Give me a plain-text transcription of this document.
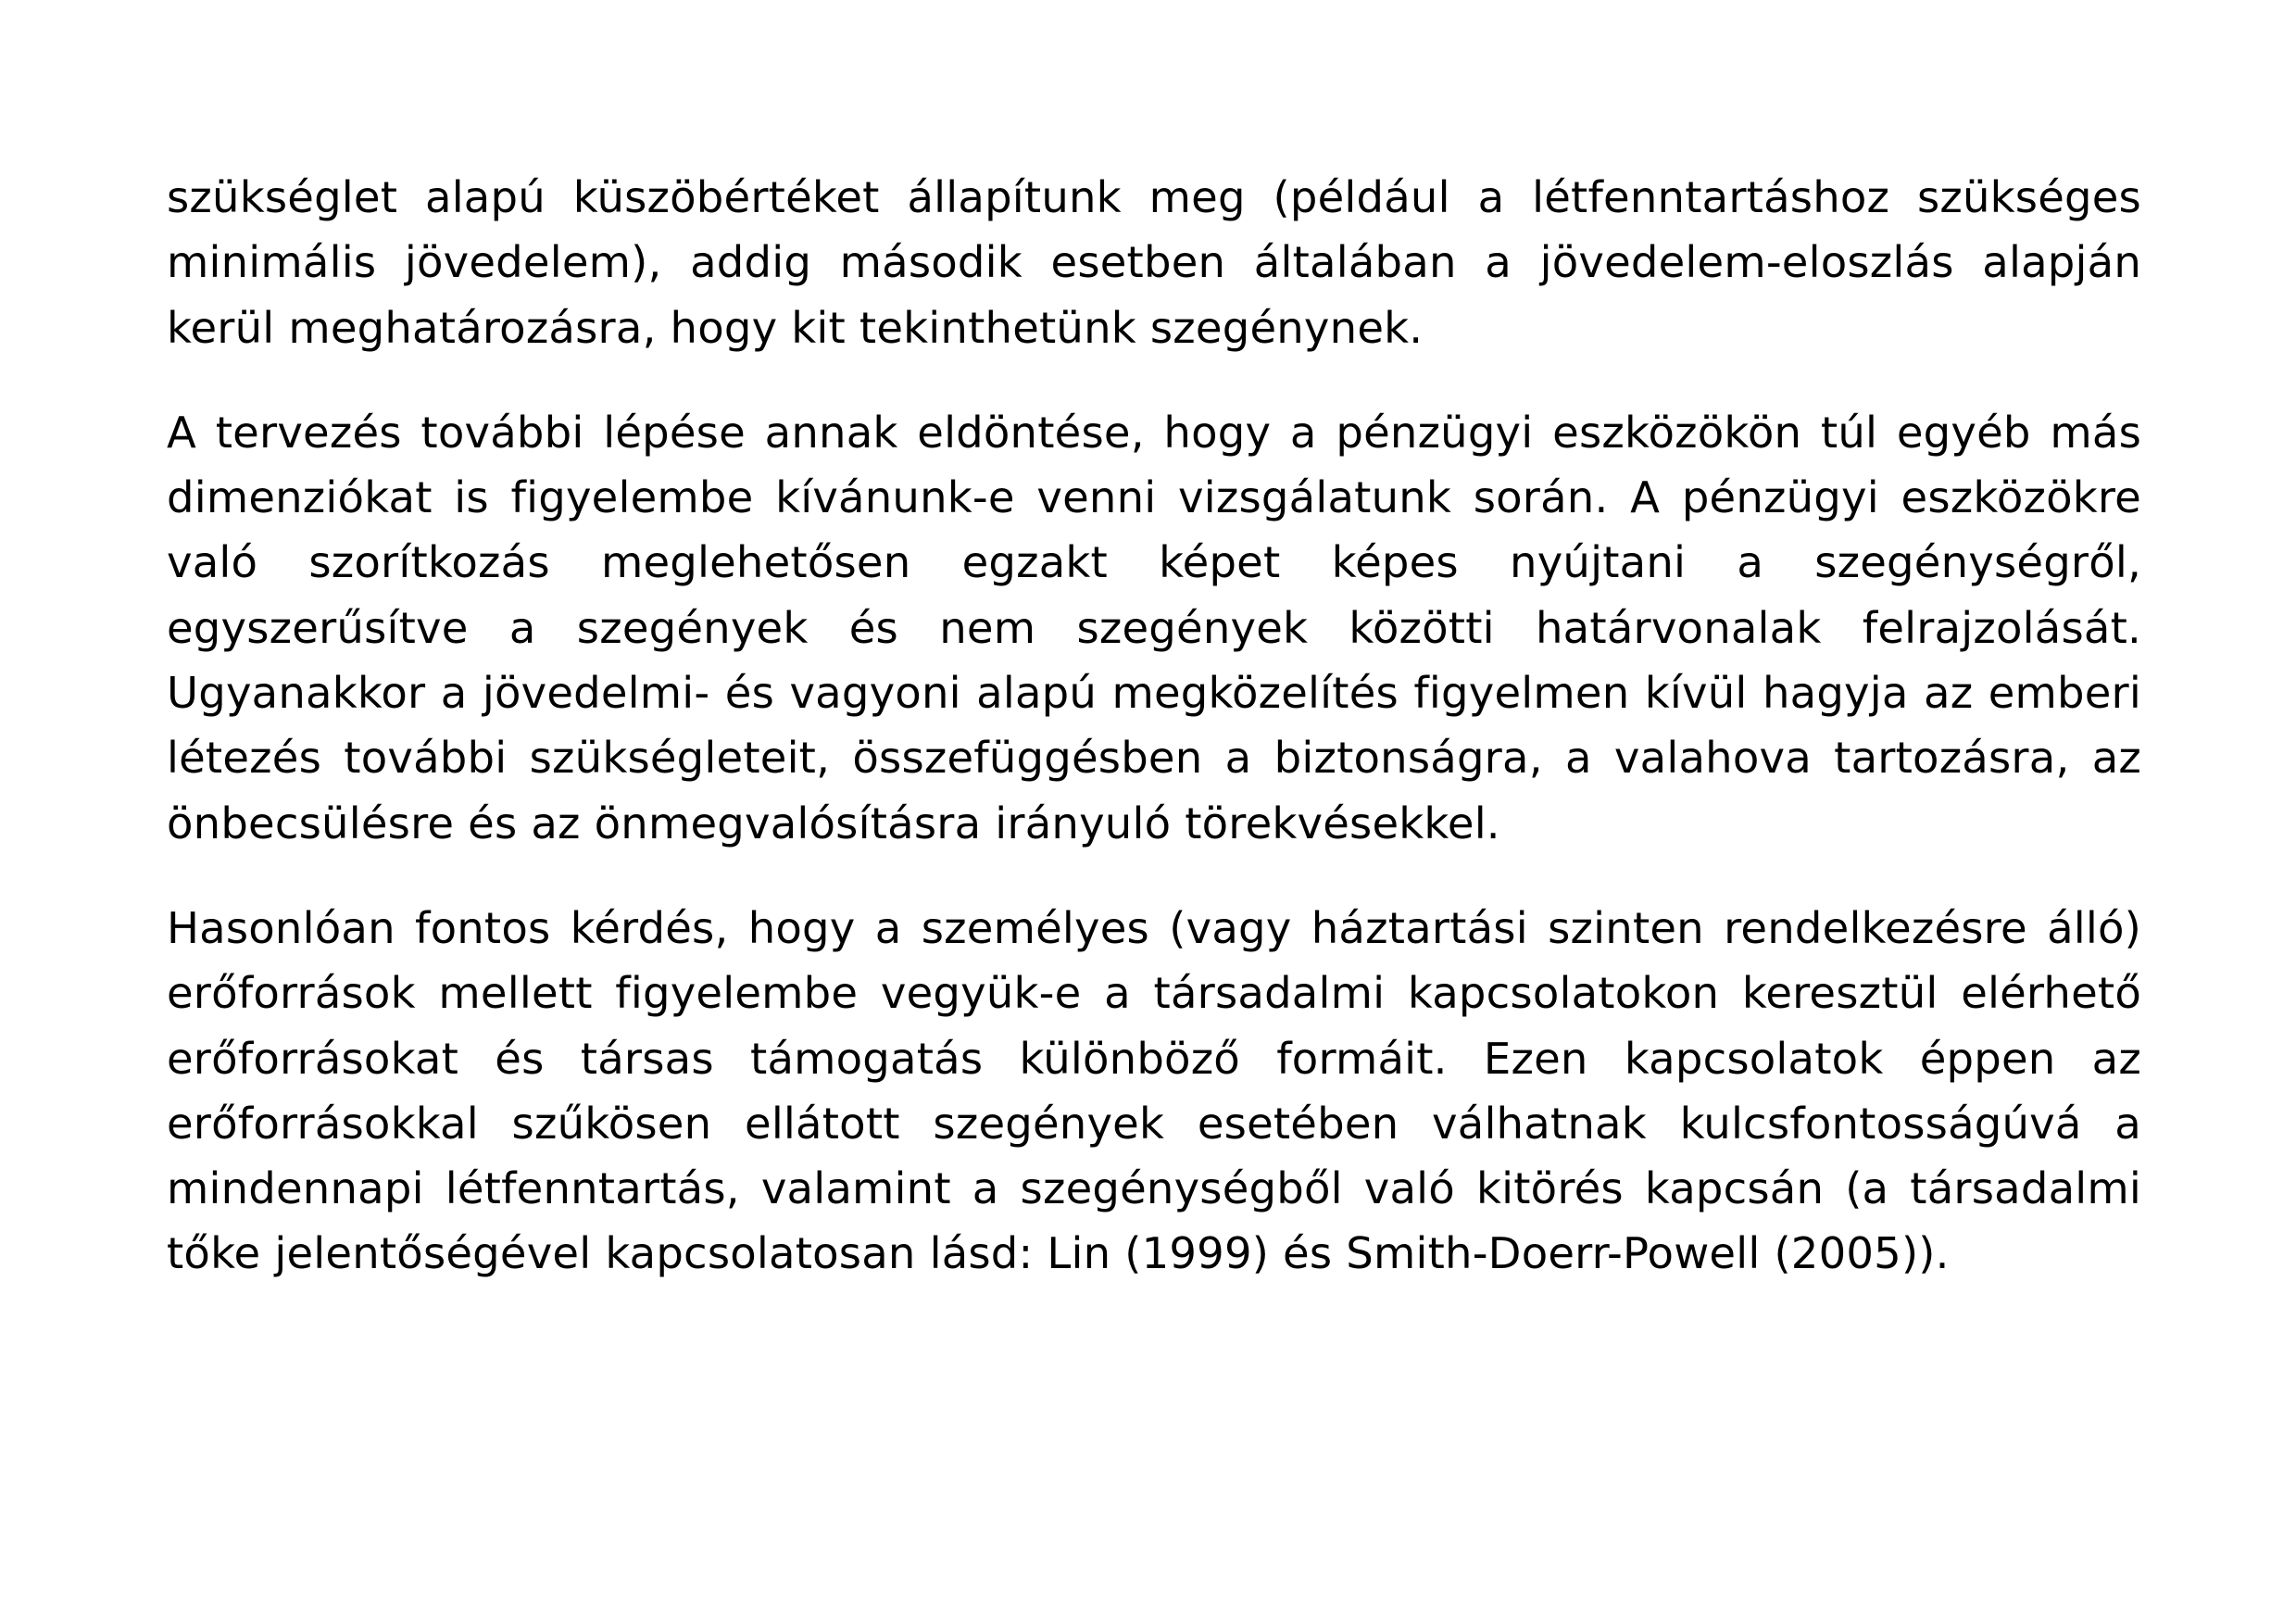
szükséglet alapú küszöbértéket állapítunk meg (például a létfenntartáshoz szükséges minimális jövedelem), addig második esetben általában a jövedelem-eloszlás alapján kerül meghatározásra, hogy kit tekinthetünk szegénynek.

A tervezés további lépése annak eldöntése, hogy a pénzügyi eszközökön túl egyéb más dimenziókat is figyelembe kívánunk-e venni vizsgálatunk során. A pénzügyi eszközökre való szorítkozás meglehetősen egzakt képet képes nyújtani a szegénységről, egyszerűsítve a szegények és nem szegények közötti határvonalak felrajzolását. Ugyanakkor a jövedelmi- és vagyoni alapú megközelítés figyelmen kívül hagyja az emberi létezés további szükségleteit, összefüggésben a biztonságra, a valahova tartozásra, az önbecsülésre és az önmegvalósításra irányuló törekvésekkel.

Hasonlóan fontos kérdés, hogy a személyes (vagy háztartási szinten rendelkezésre álló) erőforrások mellett figyelembe vegyük-e a társadalmi kapcsolatokon keresztül elérhető erőforrásokat és társas támogatás különböző formáit. Ezen kapcsolatok éppen az erőforrásokkal szűkösen ellátott szegények esetében válhatnak kulcsfontosságúvá a mindennapi létfenntartás, valamint a szegénységből való kitörés kapcsán (a társadalmi tőke jelentőségével kapcsolatosan lásd: Lin (1999) és Smith-Doerr-Powell (2005)).
